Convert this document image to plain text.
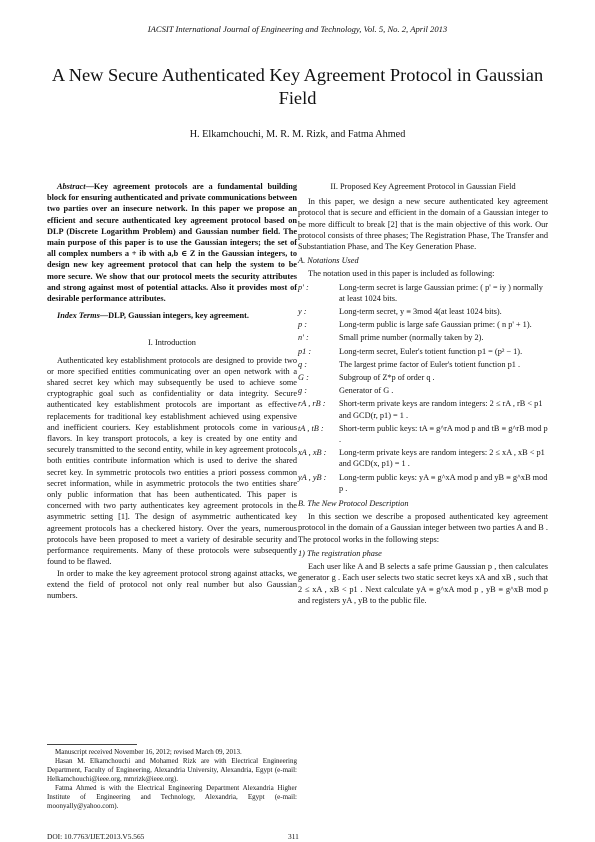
IACSIT International Journal of Engineering and Technology, Vol. 5, No. 2, April 2013
A New Secure Authenticated Key Agreement Protocol in Gaussian Field
H. Elkamchouchi, M. R. M. Rizk, and Fatma Ahmed

Abstract—Key agreement protocols are a fundamental building block for ensuring authenticated and private communications between two parties over an insecure network. In this paper we propose an efficient and secure authenticated key agreement protocol based on DLP (Discrete Logarithm Problem) and Gaussian number field. The main purpose of this paper is to use the Gaussian integers; the set of all complex numbers a + ib with a,b ∈ Z in the Gaussian integers, to design new key agreement protocol that can help the system to be more secure. We show that our protocol meets the security attributes and strong against most of potential attacks. Also it provides most of desirable performance attributes.

Index Terms—DLP, Gaussian integers, key agreement.

I. Introduction

Authenticated key establishment protocols are designed to provide two or more specified entities communicating over an open network with a shared secret key which may subsequently be used to achieve some cryptographic goal such as confidentiality or data integrity. Secure authenticated key establishment protocols are important as effective replacements for traditional key establishment achieved using expensive and inefficient couriers. Key establishment protocols come in various flavors. In key transport protocols, a key is created by one entity and securely transmitted to the second entity, while in key agreement protocols both entities contribute information which is used to derive the shared secret key. In symmetric protocols two entities a priori possess common secret information, while in asymmetric protocols the two entities share only public information that has been authenticated. This paper is concerned with two party authenticates key agreement protocols in the asymmetric setting [1]. The design of asymmetric authenticated key agreement protocols has a checkered history. Over the years, numerous protocols have been proposed to meet a variety of desirable security and performance requirements. Many of these protocols were subsequently found to be flawed.

In order to make the key agreement protocol strong against attacks, we extend the field of protocol not only real number but also Gaussian numbers.

Manuscript received November 16, 2012; revised March 09, 2013.

Hasan M. Elkamchouchi and Mohamed Rizk are with Electrical Engineering Department, Faculty of Engineering, Alexandria University, Alexandria, Egypt (e-mail: Helkamchouchi@ieee.org, mmrizk@ieee.org).

Fatma Ahmed is with the Electrical Engineering Department Alexandria Higher Institute of Engineering and Technology, Alexandria, Egypt (e-mail: moonyally@yahoo.com).

II. Proposed Key Agreement Protocol in Gaussian Field

In this paper, we design a new secure authenticated key agreement protocol that is secure and efficient in the domain of a Gaussian integer to be more difficult to break [2] that is the main objective of this work. Our protocol consists of three phases; The Registration Phase, The Transfer and Substantiation Phase, and The Key Generation Phase.

A. Notations Used

The notation used in this paper is included as following:

p' :	Long-term secret is large Gaussian prime: ( p' = iy ) normally at least 1024 bits.
y :	Long-term secret, y ≡ 3mod 4(at least 1024 bits).
p :	Long-term public is large safe Gaussian prime: ( n p' + 1).
n' :	Small prime number (normally taken by 2).
p1 :	Long-term secret, Euler's totient function p1 = (p² − 1).
q :	The largest prime factor of Euler's totient function p1 .
G :	Subgroup of Z*p of order q .
g :	Generator of G .
rA , rB :	Short-term private keys are random integers: 2 ≤ rA , rB < p1 and GCD(r, p1) = 1 .
tA , tB :	Short-term public keys: tA ≡ g^rA mod p and tB ≡ g^rB mod p .
xA , xB :	Long-term private keys are random integers: 2 ≤ xA , xB < p1 and GCD(x, p1) = 1 .
yA , yB :	Long-term public keys: yA ≡ g^xA mod p and yB ≡ g^xB mod p .

B. The New Protocol Description

In this section we describe a proposed authenticated key agreement protocol in the domain of a Gaussian integer between two parties A and B . The protocol works in the following steps:

1) The registration phase

Each user like A and B selects a safe prime Gaussian p , then calculates generator g . Each user selects two static secret keys xA and xB , such that 2 ≤ xA , xB < p1 . Next calculate yA ≡ g^xA mod p , yB ≡ g^xB mod p and registers yA , yB to the public file.

DOI: 10.7763/IJET.2013.V5.565	311
